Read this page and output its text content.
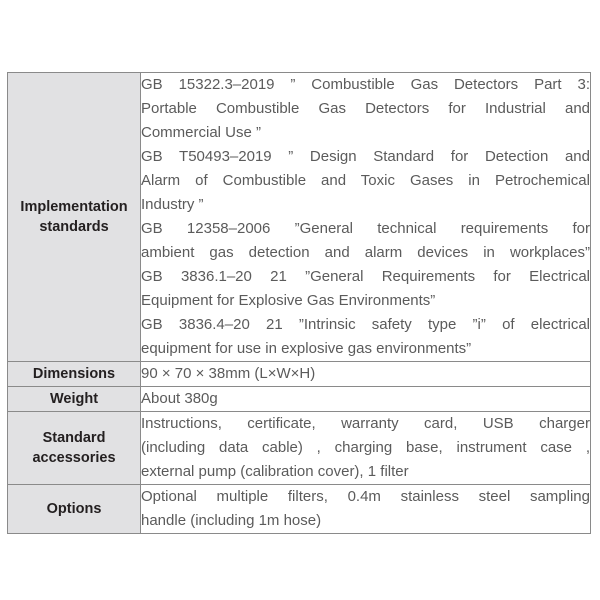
Implementation standards	
GB 15322.3–2019 ” Combustible Gas Detectors Part 3:
Portable Combustible Gas Detectors for Industrial and
Commercial Use ”
GB T50493–2019 ” Design Standard for Detection and
Alarm of Combustible and Toxic Gases in Petrochemical
Industry ”
GB 12358–2006 ”General technical requirements for
ambient gas detection and alarm devices in workplaces”
GB 3836.1–20 21 ”General Requirements for Electrical
Equipment for Explosive Gas Environments”
GB 3836.4–20 21 ”Intrinsic safety type ”i” of electrical
equipment for use in explosive gas environments”

Dimensions	90 × 70 × 38mm (L×W×H)

Weight	About 380g

Standard accessories	Instructions, certificate, warranty card, USB charger
(including data cable) , charging base, instrument case ,
external pump (calibration cover), 1 filter

Options	Optional multiple filters, 0.4m stainless steel sampling
handle (including 1m hose)
